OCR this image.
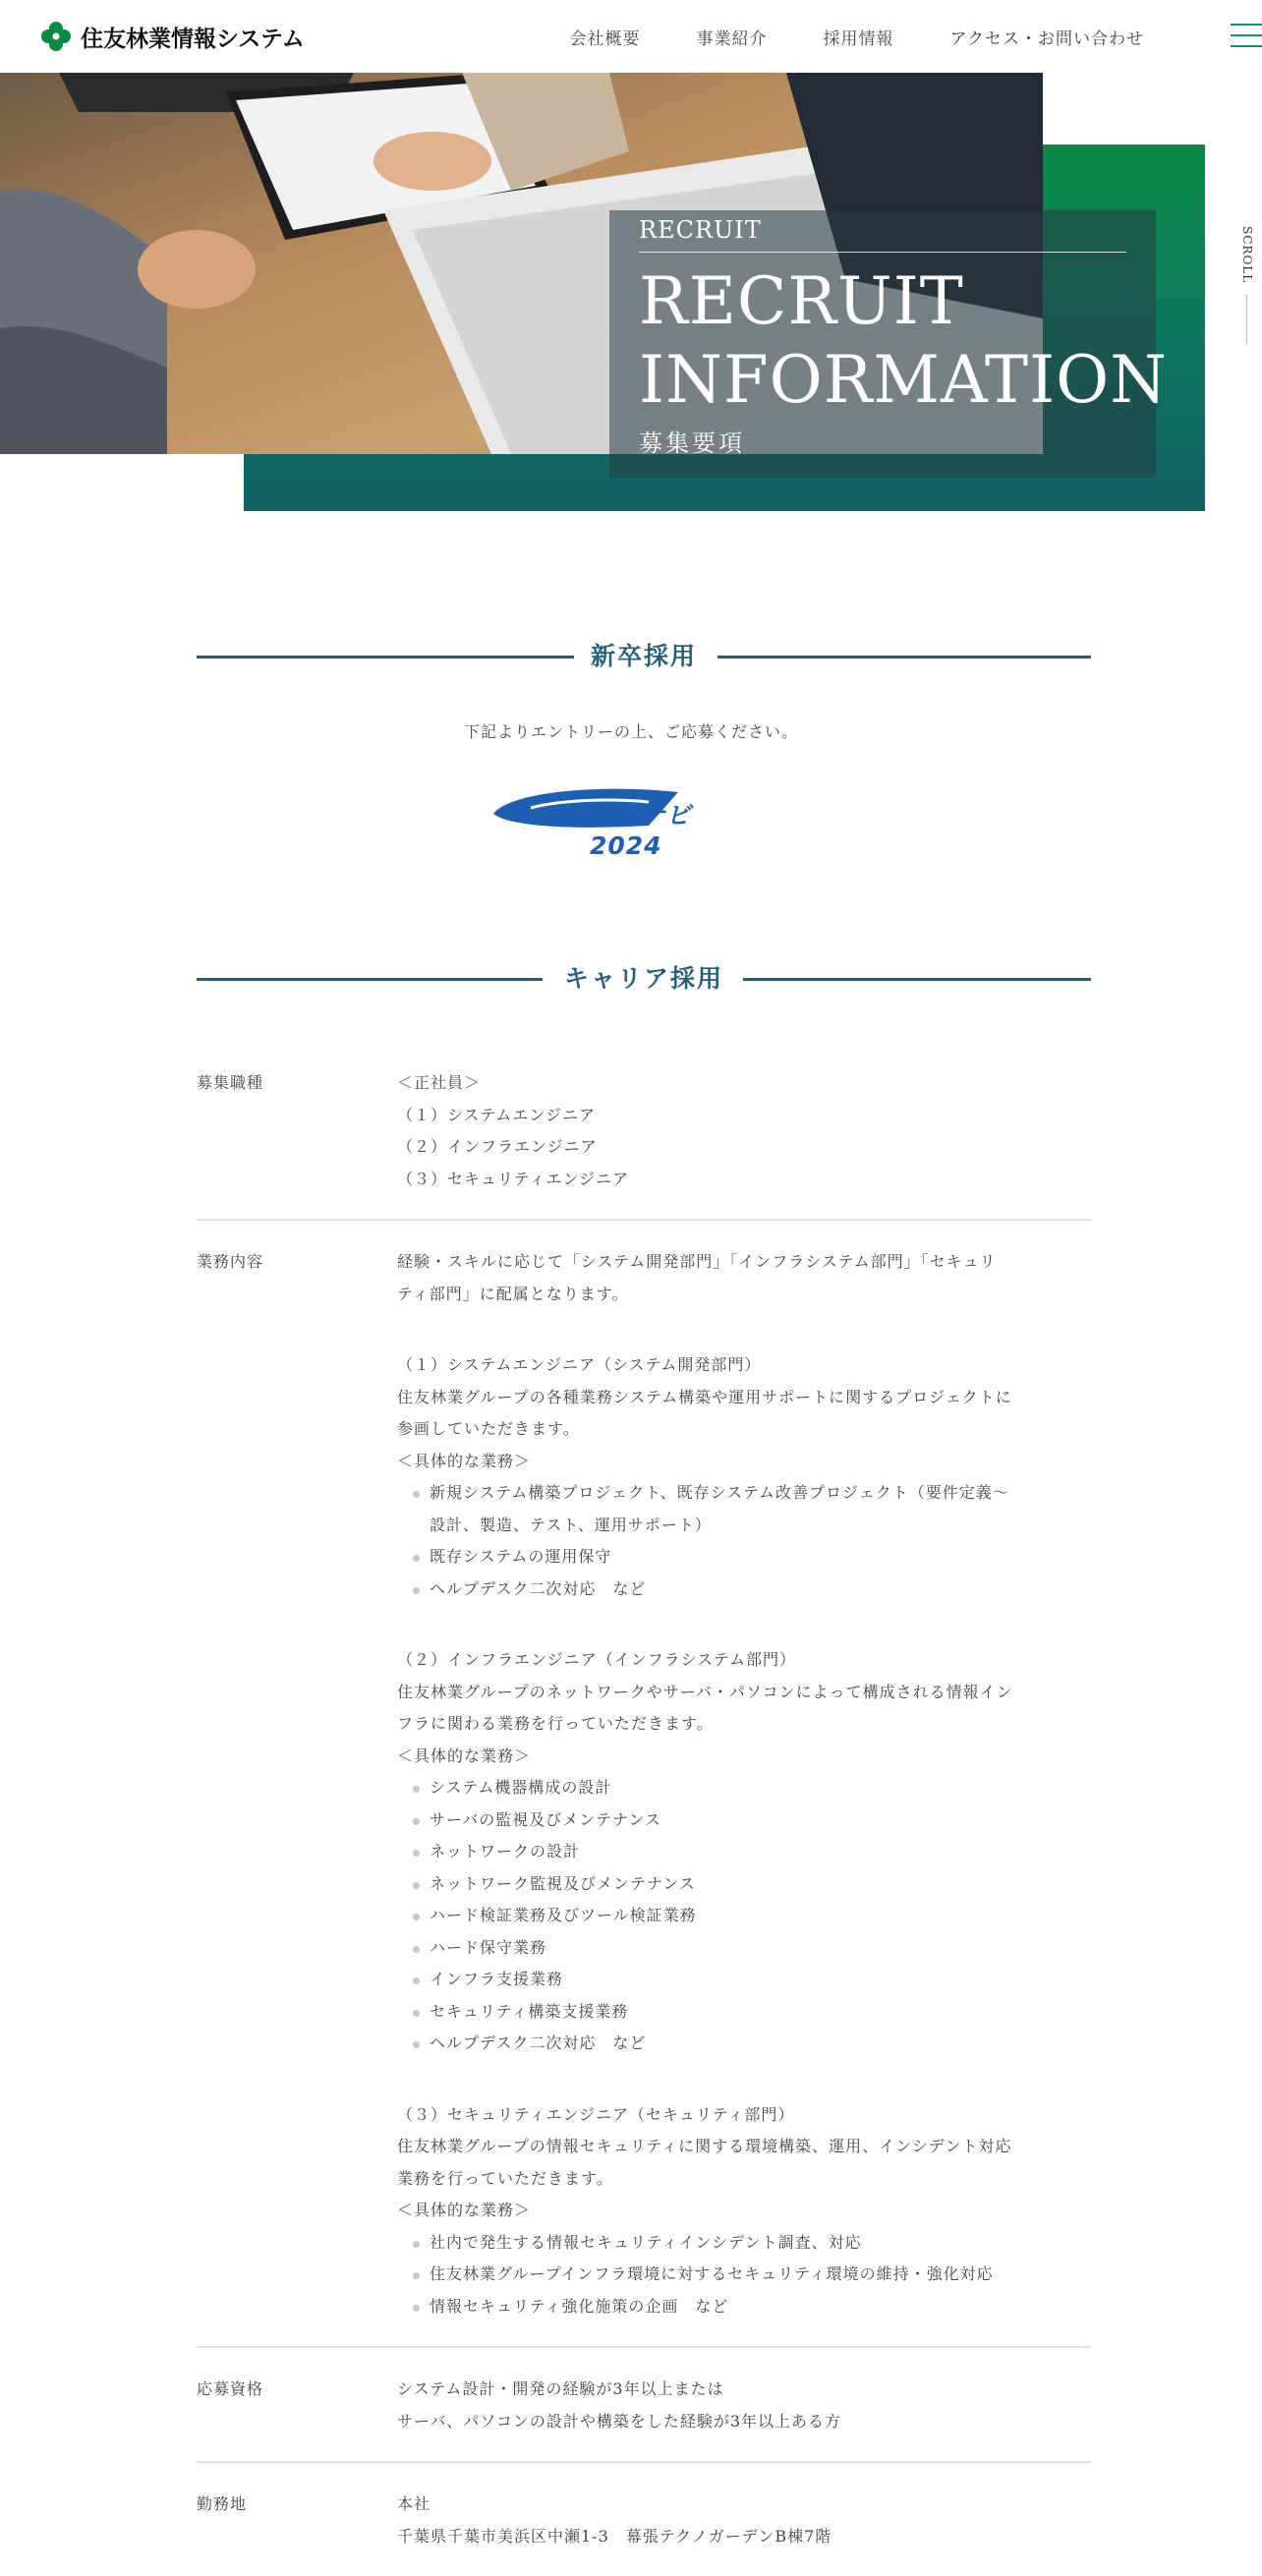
住友林業情報システム	会社概要	事業紹介	採用情報	アクセス・お問い合わせ
RECRUIT
RECRUIT
INFORMATION
募集要項
SCROLL
新卒採用
下記よりエントリーの上、ご応募ください。
リクナビ 2024
キャリア採用
募集職種	＜正社員＞

（１）システムエンジニア

（２）インフラエンジニア

（３）セキュリティエンジニア

業務内容	経験・スキルに応じて「システム開発部門」「インフラシステム部門」「セキュリ

ティ部門」に配属となります。

（１）システムエンジニア（システム開発部門）

住友林業グループの各種業務システム構築や運用サポートに関するプロジェクトに

参画していただきます。

＜具体的な業務＞

新規システム構築プロジェクト、既存システム改善プロジェクト（要件定義〜

設計、製造、テスト、運用サポート）

既存システムの運用保守

ヘルプデスク二次対応　など

（２）インフラエンジニア（インフラシステム部門）

住友林業グループのネットワークやサーバ・パソコンによって構成される情報イン

フラに関わる業務を行っていただきます。

＜具体的な業務＞

システム機器構成の設計

サーバの監視及びメンテナンス

ネットワークの設計

ネットワーク監視及びメンテナンス

ハード検証業務及びツール検証業務

ハード保守業務

インフラ支援業務

セキュリティ構築支援業務

ヘルプデスク二次対応　など

（３）セキュリティエンジニア（セキュリティ部門）

住友林業グループの情報セキュリティに関する環境構築、運用、インシデント対応

業務を行っていただきます。

＜具体的な業務＞

社内で発生する情報セキュリティインシデント調査、対応

住友林業グループインフラ環境に対するセキュリティ環境の維持・強化対応

情報セキュリティ強化施策の企画　など

応募資格	システム設計・開発の経験が3年以上または

サーバ、パソコンの設計や構築をした経験が3年以上ある方

勤務地	本社

千葉県千葉市美浜区中瀬1-3　幕張テクノガーデンB棟7階
